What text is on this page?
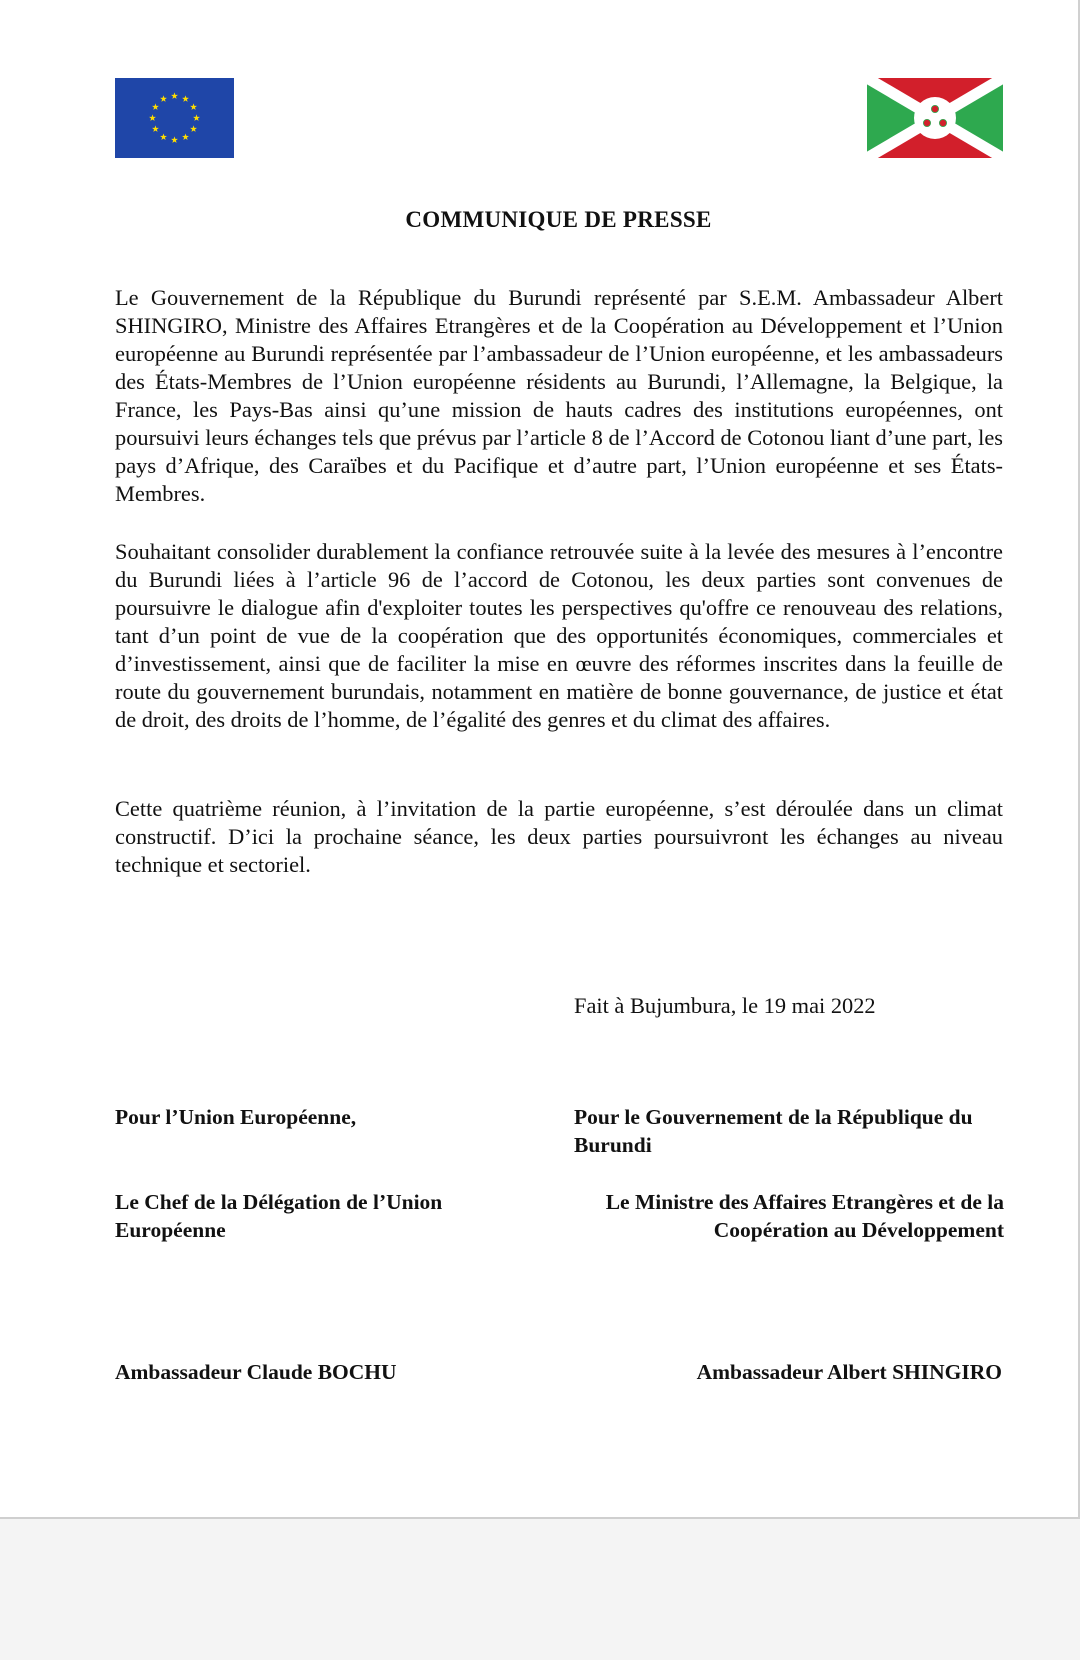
COMMUNIQUE DE PRESSE

Le Gouvernement de la République du Burundi représenté par S.E.M. Ambassadeur Albert SHINGIRO, Ministre des Affaires Etrangères et de la Coopération au Développement et l’Union européenne au Burundi représentée par l’ambassadeur de l’Union européenne, et les ambassadeurs des États-Membres de l’Union européenne résidents au Burundi, l’Allemagne, la Belgique, la France, les Pays-Bas ainsi qu’une mission de hauts cadres des institutions européennes, ont poursuivi leurs échanges tels que prévus par l’article 8 de l’Accord de Cotonou liant d’une part, les pays d’Afrique, des Caraïbes et du Pacifique et d’autre part, l’Union européenne et ses États-Membres.

Souhaitant consolider durablement la confiance retrouvée suite à la levée des mesures à l’encontre du Burundi liées à l’article 96 de l’accord de Cotonou, les deux parties sont convenues de poursuivre le dialogue afin d'exploiter toutes les perspectives qu'offre ce renouveau des relations, tant d’un point de vue de la coopération que des opportunités économiques, commerciales et d’investissement, ainsi que de faciliter la mise en œuvre des réformes inscrites dans la feuille de route du gouvernement burundais, notamment en matière de bonne gouvernance, de justice et état de droit, des droits de l’homme, de l’égalité des genres et du climat des affaires.

Cette quatrième réunion, à l’invitation de la partie européenne, s’est déroulée dans un climat constructif. D’ici la prochaine séance, les deux parties poursuivront les échanges au niveau technique et sectoriel.

Fait à Bujumbura, le 19 mai 2022
Pour l’Union Européenne,	Pour le Gouvernement de la République du Burundi
Le Chef de la Délégation de l’Union Européenne
Le Ministre des Affaires Etrangères et de la Coopération au Développement
Ambassadeur Claude BOCHU	Ambassadeur Albert SHINGIRO
